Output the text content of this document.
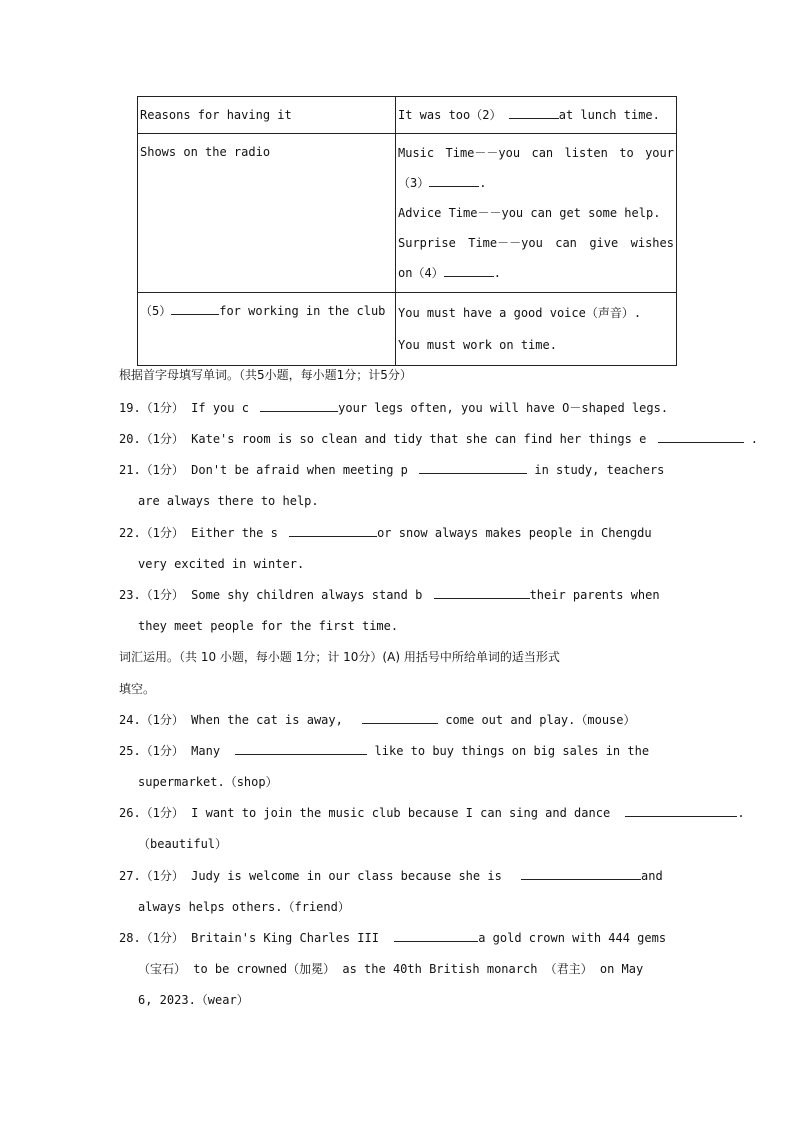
Reasons for having it	It was too（2） at lunch time.

Shows on the radio	Music Time－－you can listen to your
（3） .
Advice Time－－you can get some help.
Surprise Time－－you can give wishes
on（4） .

（5） for working in the club	You must have a good voice（声音）.
You must work on time.
根据首字母填写单词。（共5小题，每小题1分；计5分）
19.（1分） If you c	your legs often, you will have O－shaped legs.
20.（1分） Kate's room is so clean and tidy that she can find her things e	.
21.（1分） Don't be afraid when meeting p	in study, teachers
are always there to help.
22.（1分） Either the s	or snow always makes people in Chengdu
very excited in winter.
23.（1分） Some shy children always stand b	their parents when
they meet people for the first time.
词汇运用。（共 10 小题，每小题 1分；计 10分）(A) 用括号中所给单词的适当形式
填空。
24.（1分） When the cat is away,	come out and play.（mouse）
25.（1分） Many	like to buy things on big sales in the
supermarket.（shop）
26.（1分） I want to join the music club because I can sing and dance	.
（beautiful）
27.（1分） Judy is welcome in our class because she is	and
always helps others.（friend）
28.（1分） Britain's King Charles III	a gold crown with 444 gems
（宝石） to be crowned（加冕） as the 40th British monarch （君主） on May
6, 2023.（wear）
